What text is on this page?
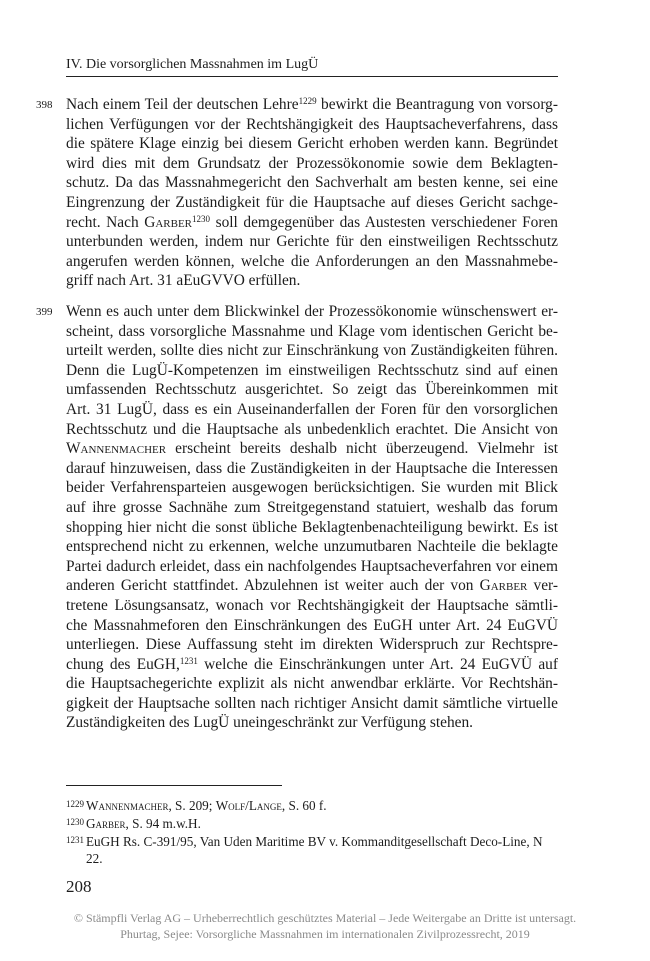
IV. Die vorsorglichen Massnahmen im LugÜ
398 Nach einem Teil der deutschen Lehre$^{1229}$ bewirkt die Beantragung von vorsorg-
lichen Verfügungen vor der Rechtshängigkeit des Hauptsacheverfahrens, dass
die spätere Klage einzig bei diesem Gericht erhoben werden kann. Begründet
wird dies mit dem Grundsatz der Prozessökonomie sowie dem Beklagten-
schutz. Da das Massnahmegericht den Sachverhalt am besten kenne, sei eine
Eingrenzung der Zuständigkeit für die Hauptsache auf dieses Gericht sachge-
recht. Nach Garber$^{1230}$ soll demgegenüber das Austesten verschiedener Foren
unterbunden werden, indem nur Gerichte für den einstweiligen Rechtsschutz
angerufen werden können, welche die Anforderungen an den Massnahmebe-
griff nach Art. 31 aEuGVVO erfüllen.
399 Wenn es auch unter dem Blickwinkel der Prozessökonomie wünschenswert er-
scheint, dass vorsorgliche Massnahme und Klage vom identischen Gericht be-
urteilt werden, sollte dies nicht zur Einschränkung von Zuständigkeiten führen.
Denn die LugÜ-Kompetenzen im einstweiligen Rechtsschutz sind auf einen
umfassenden Rechtsschutz ausgerichtet. So zeigt das Übereinkommen mit
Art. 31 LugÜ, dass es ein Auseinanderfallen der Foren für den vorsorglichen
Rechtsschutz und die Hauptsache als unbedenklich erachtet. Die Ansicht von
Wannenmacher erscheint bereits deshalb nicht überzeugend. Vielmehr ist
darauf hinzuweisen, dass die Zuständigkeiten in der Hauptsache die Interessen
beider Verfahrensparteien ausgewogen berücksichtigen. Sie wurden mit Blick
auf ihre grosse Sachnähe zum Streitgegenstand statuiert, weshalb das forum
shopping hier nicht die sonst übliche Beklagtenbenachteiligung bewirkt. Es ist
entsprechend nicht zu erkennen, welche unzumutbaren Nachteile die beklagte
Partei dadurch erleidet, dass ein nachfolgendes Hauptsacheverfahren vor einem
anderen Gericht stattfindet. Abzulehnen ist weiter auch der von Garber ver-
tretene Lösungsansatz, wonach vor Rechtshängigkeit der Hauptsache sämtli-
che Massnahmeforen den Einschränkungen des EuGH unter Art. 24 EuGVÜ
unterliegen. Diese Auffassung steht im direkten Widerspruch zur Rechtspre-
chung des EuGH,$^{1231}$ welche die Einschränkungen unter Art. 24 EuGVÜ auf
die Hauptsachegerichte explizit als nicht anwendbar erklärte. Vor Rechtshän-
gigkeit der Hauptsache sollten nach richtiger Ansicht damit sämtliche virtuelle
Zuständigkeiten des LugÜ uneingeschränkt zur Verfügung stehen.
1229 Wannenmacher, S. 209; Wolf/Lange, S. 60 f.
1230 Garber, S. 94 m.w.H.
1231 EuGH Rs. C-391/95, Van Uden Maritime BV v. Kommanditgesellschaft Deco-Line, N 22.
208
© Stämpfli Verlag AG – Urheberrechtlich geschütztes Material – Jede Weitergabe an Dritte ist untersagt.
Phurtag, Sejee: Vorsorgliche Massnahmen im internationalen Zivilprozessrecht, 2019
